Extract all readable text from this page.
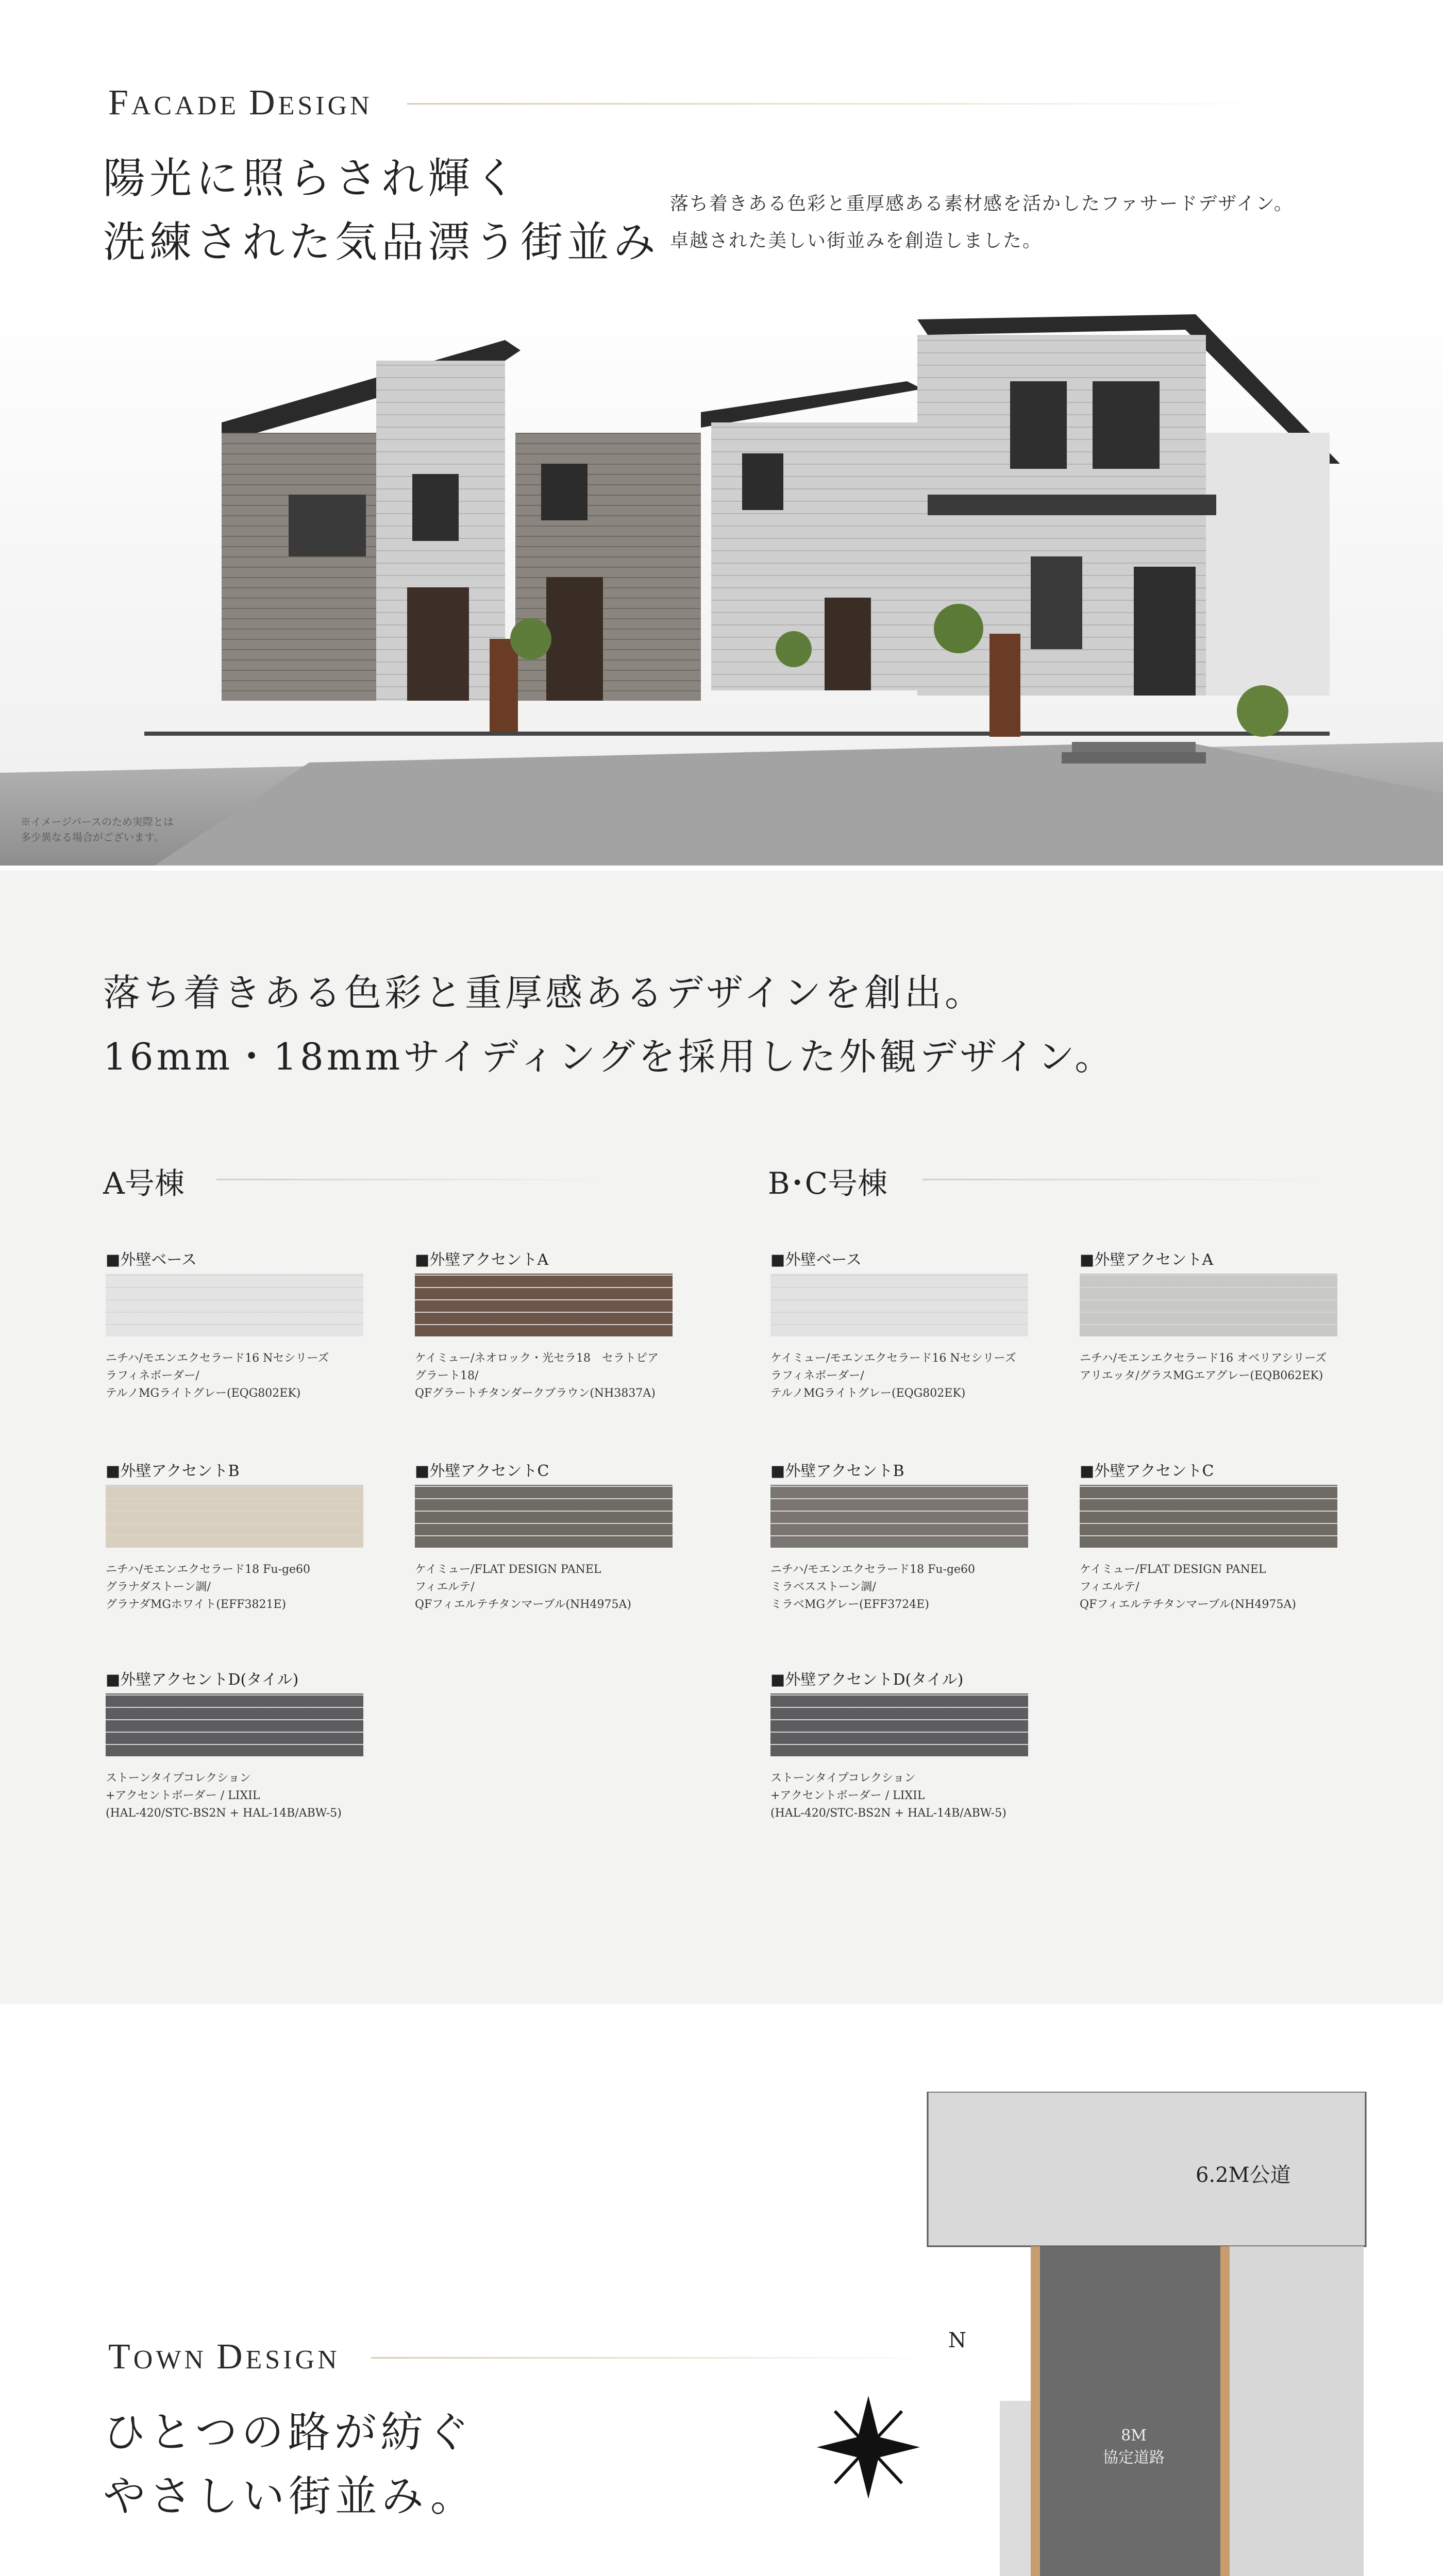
FACADE DESIGN
陽光に照らされ輝く
洗練された気品漂う街並み
落ち着きある色彩と重厚感ある素材感を活かしたファサードデザイン。
卓越された美しい街並みを創造しました。
※イメージパースのため実際とは
多少異なる場合がございます。
落ち着きある色彩と重厚感あるデザインを創出。
16mm・18mmサイディングを採用した外観デザイン。
A号棟
■外壁ベース
ニチハ/モエンエクセラード16 Nセシリーズ
ラフィネボーダー/
テルノMGライトグレー(EQG802EK)
■外壁アクセントA
ケイミュー/ネオロック・光セラ18　セラトピア
グラート18/
QFグラートチタンダークブラウン(NH3837A)
■外壁アクセントB
ニチハ/モエンエクセラード18 Fu-ge60
グラナダストーン調/
グラナダMGホワイト(EFF3821E)
■外壁アクセントC
ケイミュー/FLAT DESIGN PANEL
フィエルテ/
QFフィエルテチタンマーブル(NH4975A)
■外壁アクセントD(タイル)
ストーンタイプコレクション
+アクセントボーダー / LIXIL
(HAL-420/STC-BS2N + HAL-14B/ABW-5)
B･C号棟
■外壁ベース
ケイミュー/モエンエクセラード16 Nセシリーズ
ラフィネボーダー/
テルノMGライトグレー(EQG802EK)
■外壁アクセントA
ニチハ/モエンエクセラード16 オベリアシリーズ
アリエッタ/グラスMGエアグレー(EQB062EK)
■外壁アクセントB
ニチハ/モエンエクセラード18 Fu-ge60
ミラベスストーン調/
ミラベMGグレー(EFF3724E)
■外壁アクセントC
ケイミュー/FLAT DESIGN PANEL
フィエルテ/
QFフィエルテチタンマーブル(NH4975A)
■外壁アクセントD(タイル)
ストーンタイプコレクション
+アクセントボーダー / LIXIL
(HAL-420/STC-BS2N + HAL-14B/ABW-5)
TOWN DESIGN
ひとつの路が紡ぐ
やさしい街並み。
6.2M公道
8M
協定道路
N
